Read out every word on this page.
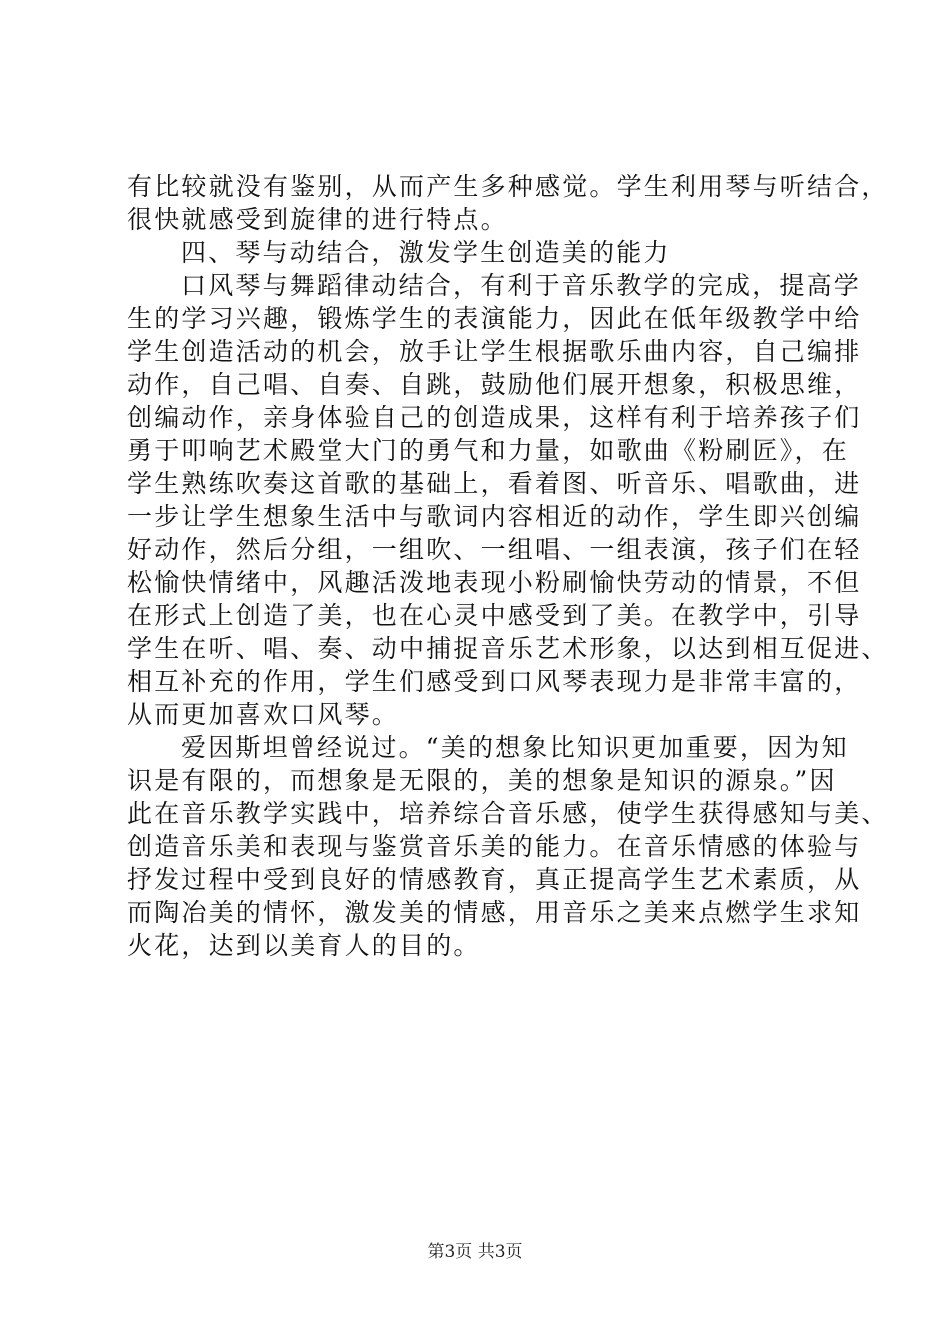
有比较就没有鉴别，从而产生多种感觉。学生利用琴与听结合，
很快就感受到旋律的进行特点。
四、琴与动结合，激发学生创造美的能力
口风琴与舞蹈律动结合，有利于音乐教学的完成，提高学
生的学习兴趣，锻炼学生的表演能力，因此在低年级教学中给
学生创造活动的机会，放手让学生根据歌乐曲内容，自己编排
动作，自己唱、自奏、自跳，鼓励他们展开想象，积极思维，
创编动作，亲身体验自己的创造成果，这样有利于培养孩子们
勇于叩响艺术殿堂大门的勇气和力量，如歌曲《粉刷匠》，在
学生熟练吹奏这首歌的基础上，看着图、听音乐、唱歌曲，进
一步让学生想象生活中与歌词内容相近的动作，学生即兴创编
好动作，然后分组，一组吹、一组唱、一组表演，孩子们在轻
松愉快情绪中，风趣活泼地表现小粉刷愉快劳动的情景，不但
在形式上创造了美，也在心灵中感受到了美。在教学中，引导
学生在听、唱、奏、动中捕捉音乐艺术形象，以达到相互促进、
相互补充的作用，学生们感受到口风琴表现力是非常丰富的，
从而更加喜欢口风琴。
爱因斯坦曾经说过。“美的想象比知识更加重要，因为知
识是有限的，而想象是无限的，美的想象是知识的源泉。”因
此在音乐教学实践中，培养综合音乐感，使学生获得感知与美、
创造音乐美和表现与鉴赏音乐美的能力。在音乐情感的体验与
抒发过程中受到良好的情感教育，真正提高学生艺术素质，从
而陶冶美的情怀，激发美的情感，用音乐之美来点燃学生求知
火花，达到以美育人的目的。
第3页 共3页
